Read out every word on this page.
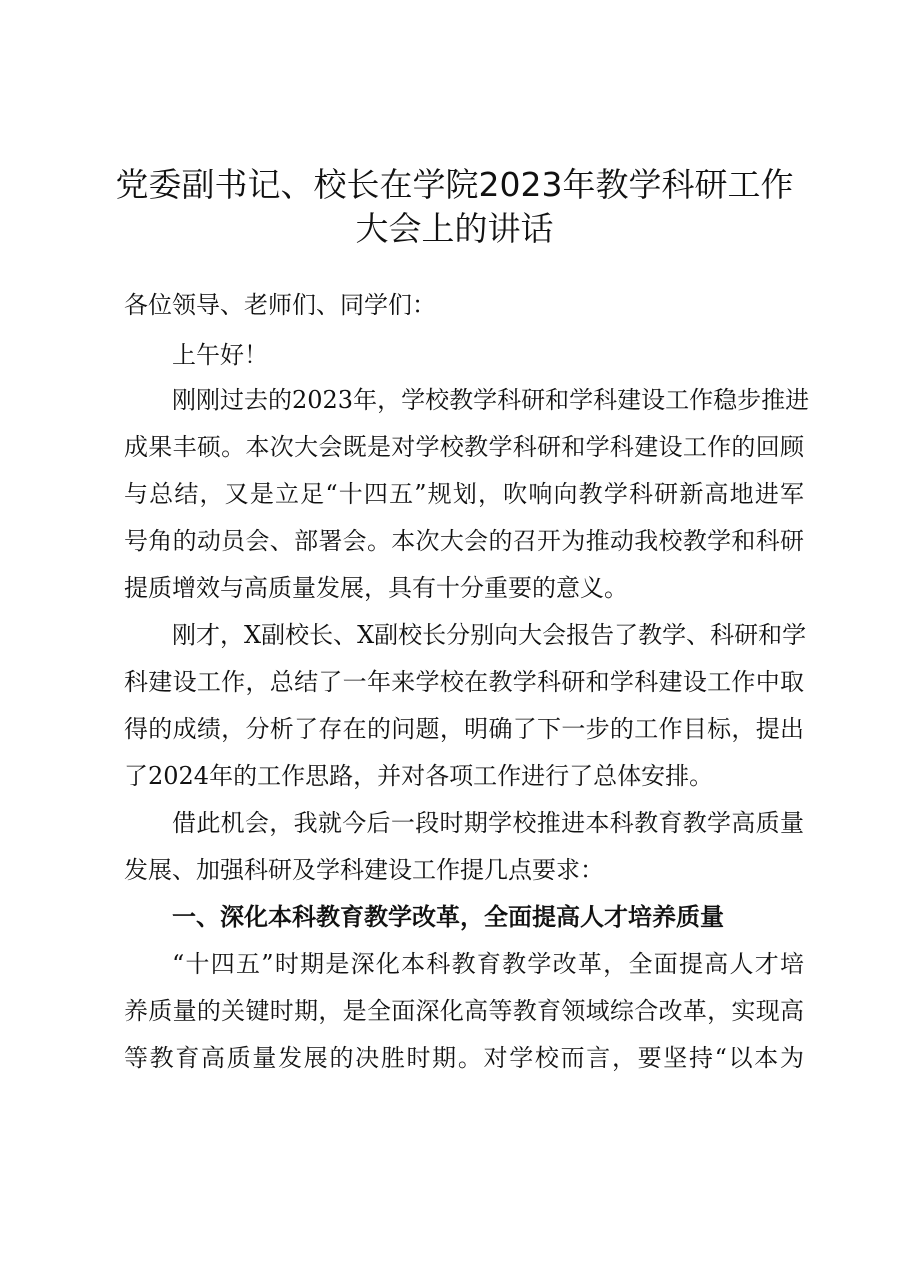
党委副书记、校长在学院2023年教学科研工作
大会上的讲话
各位领导、老师们、同学们：
上午好！
刚刚过去的2023年，学校教学科研和学科建设工作稳步推进
成果丰硕。本次大会既是对学校教学科研和学科建设工作的回顾
与总结，又是立足“十四五”规划，吹响向教学科研新高地进军
号角的动员会、部署会。本次大会的召开为推动我校教学和科研
提质增效与高质量发展，具有十分重要的意义。
刚才，X副校长、X副校长分别向大会报告了教学、科研和学
科建设工作，总结了一年来学校在教学科研和学科建设工作中取
得的成绩，分析了存在的问题，明确了下一步的工作目标，提出
了2024年的工作思路，并对各项工作进行了总体安排。
借此机会，我就今后一段时期学校推进本科教育教学高质量
发展、加强科研及学科建设工作提几点要求：
一、深化本科教育教学改革，全面提高人才培养质量
“十四五”时期是深化本科教育教学改革，全面提高人才培
养质量的关键时期，是全面深化高等教育领域综合改革，实现高
等教育高质量发展的决胜时期。对学校而言，要坚持“以本为
